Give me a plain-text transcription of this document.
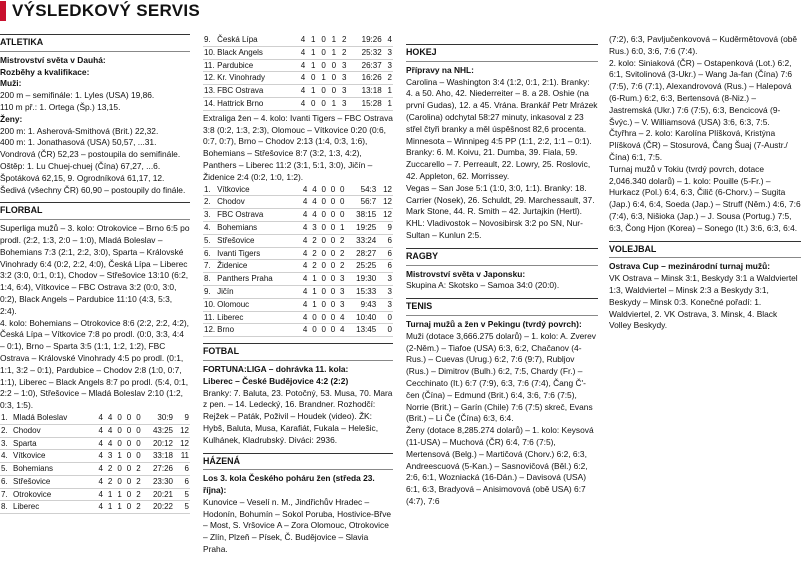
VÝSLEDKOVÝ SERVIS
ATLETIKA

Mistrovství světa v Dauhá:

Rozběhy a kvalifikace:

Muži:

200 m – semifinále: 1. Lyles (USA) 19,86.

110 m př.: 1. Ortega (Šp.) 13,15.

Ženy:

200 m: 1. Asherová-Smithová (Brit.) 22,32.

400 m: 1. Jonathasová (USA) 50,57, ...31.

Vondrová (ČR) 52,23 – postoupila do semifinále.

Oštěp: 1. Lu Chuej-chuej (Čína) 67,27, ...6.

Špotáková 62,15, 9. Ogrodníková 61,17, 12.

Šedivá (všechny ČR) 60,90 – postoupily do finále.

FLORBAL

Superliga mužů – 3. kolo: Otrokovice – Brno 6:5 po prodl. (2:2, 1:3, 2:0 – 1:0), Mladá Boleslav – Bohemians 7:3 (2:1, 2:2, 3:0), Sparta – Královské Vinohrady 6:4 (0:2, 2:2, 4:0), Česká Lípa – Liberec 3:2 (3:0, 0:1, 0:1), Chodov – Střešovice 13:10 (6:2, 1:4, 6:4), Vítkovice – FBC Ostrava 3:2 (0:0, 3:0, 0:2), Black Angels – Pardubice 11:10 (4:3, 5:3, 2:4).

4. kolo: Bohemians – Otrokovice 8:6 (2:2, 2:2, 4:2), Česká Lípa – Vítkovice 7:8 po prodl. (0:0, 3:3, 4:4 – 0:1), Brno – Sparta 3:5 (1:1, 1:2, 1:2), FBC Ostrava – Královské Vinohrady 4:5 po prodl. (0:1, 1:1, 3:2 – 0:1), Pardubice – Chodov 2:8 (1:0, 0:7, 1:1), Liberec – Black Angels 8:7 po prodl. (5:4, 0:1, 2:2 – 1:0), Střešovice – Mladá Boleslav 2:10 (1:2, 0:3, 1:5).

1.	Mladá Boleslav	4	4	0	0	0	30:9	9
2.	Chodov	4	4	0	0	0	43:25	12
3.	Sparta	4	4	0	0	0	20:12	12
4.	Vítkovice	4	3	1	0	0	33:18	11
5.	Bohemians	4	2	0	0	2	27:26	6
6.	Střešovice	4	2	0	0	2	23:30	6
7.	Otrokovice	4	1	1	0	2	20:21	5
8.	Liberec	4	1	1	0	2	20:22	5
9.	Česká Lípa	4	1	0	1	2	19:26	4
10.	Black Angels	4	1	0	1	2	25:32	3
11.	Pardubice	4	1	0	0	3	26:37	3
12.	Kr. Vinohrady	4	0	1	0	3	16:26	2
13.	FBC Ostrava	4	1	0	0	3	13:18	1
14.	Hattrick Brno	4	0	0	1	3	15:28	1

Extraliga žen – 4. kolo: Ivanti Tigers – FBC Ostrava 3:8 (0:2, 1:3, 2:3), Olomouc – Vítkovice 0:20 (0:6, 0:7, 0:7), Brno – Chodov 2:13 (1:4, 0:3, 1:6), Bohemians – Střešovice 8:7 (3:2, 1:3, 4:2), Panthers – Liberec 11:2 (3:1, 5:1, 3:0), Jičín – Židenice 2:4 (0:2, 1:0, 1:2).

1.	Vítkovice	4	4	0	0	0	54:3	12
2.	Chodov	4	4	0	0	0	56:7	12
3.	FBC Ostrava	4	4	0	0	0	38:15	12
4.	Bohemians	4	3	0	0	1	19:25	9
5.	Střešovice	4	2	0	0	2	33:24	6
6.	Ivanti Tigers	4	2	0	0	2	28:27	6
7.	Židenice	4	2	0	0	2	25:25	6
8.	Panthers Praha	4	1	0	0	3	19:30	3
9.	Jičín	4	1	0	0	3	15:33	3
10.	Olomouc	4	1	0	0	3	9:43	3
11.	Liberec	4	0	0	0	4	10:40	0
12.	Brno	4	0	0	0	4	13:45	0
FOTBAL

FORTUNA:LIGA – dohrávka 11. kola:

Liberec – České Budějovice 4:2 (2:2)

Branky: 7. Baluta, 23. Potočný, 53. Musa, 70. Mara z pen. – 14. Ledecký, 16. Brandner. Rozhodčí: Rejžek – Paták, Poživil – Houdek (video). ŽK: Hybš, Baluta, Musa, Karafiát, Fukala – Helešic, Kulhánek, Kladrubský. Diváci: 2936.

HÁZENÁ

Los 3. kola Českého poháru žen (středa 23. října):

Kunovice – Veselí n. M., Jindřichův Hradec – Hodonín, Bohumín – Sokol Poruba, Hostivice-Břve – Most, S. Vršovice A – Zora Olomouc, Otrokovice – Zlín, Plzeň – Písek, Č. Budějovice – Slavia Praha.

HOKEJ

Přípravy na NHL:

Carolina – Washington 3:4 (1:2, 0:1, 2:1). Branky: 4. a 50. Aho, 42. Niederreiter – 8. a 28. Oshie (na první Gudas), 12. a 45. Vrána. Brankář Petr Mrázek (Carolina) odchytal 58:27 minuty, inkasoval z 23 střel čtyři branky a měl úspěšnost 82,6 procenta.

Minnesota – Winnipeg 4:5 PP (1:1, 2:2, 1:1 – 0:1). Branky: 6. M. Koivu, 21. Dumba, 39. Fiala, 59. Zuccarello – 7. Perreault, 22. Lowry, 25. Roslovic, 42. Appleton, 62. Morrissey.

Vegas – San Jose 5:1 (1:0, 3:0, 1:1). Branky: 18. Carrier (Nosek), 26. Schuldt, 29. Marchessault, 37. Mark Stone, 44. R. Smith – 42. Jurtajkin (Hertl).

KHL: Vladivostok – Novosibirsk 3:2 po SN, Nur-Sultan – Kunlun 2:5.

RAGBY

Mistrovství světa v Japonsku:

Skupina A: Skotsko – Samoa 34:0 (20:0).

TENIS

Turnaj mužů a žen v Pekingu (tvrdý povrch):

Muži (dotace 3,666.275 dolarů) – 1. kolo: A. Zverev (2-Něm.) – Tiafoe (USA) 6:3, 6:2, Chačanov (4-Rus.) – Cuevas (Urug.) 6:2, 7:6 (9:7), Rubljov (Rus.) – Dimitrov (Bulh.) 6:2, 7:5, Chardy (Fr.) – Cecchinato (It.) 6:7 (7:9), 6:3, 7:6 (7:4), Čang Č'-čen (Čína) – Edmund (Brit.) 6:4, 3:6, 7:6 (7:5), Norrie (Brit.) – Garín (Chile) 7:6 (7:5) skreč, Evans (Brit.) – Li Če (Čína) 6:3, 6:4.

Ženy (dotace 8,285.274 dolarů) – 1. kolo: Keysová (11-USA) – Muchová (ČR) 6:4, 7:6 (7:5), Mertensová (Belg.) – Martičová (Chorv.) 6:2, 6:3, Andreescuová (5-Kan.) – Sasnovičová (Běl.) 6:2, 2:6, 6:1, Wozniacká (16-Dán.) – Davisová (USA) 6:1, 6:3, Bradyová – Anisimovová (obě USA) 6:7 (4:7), 7:6

(7:2), 6:3, Pavljučenkovová – Kuděrmětovová (obě Rus.) 6:0, 3:6, 7:6 (7:4).

2. kolo: Siniaková (ČR) – Ostapenková (Lot.) 6:2, 6:1, Svitolinová (3-Ukr.) – Wang Ja-fan (Čína) 7:6 (7:5), 7:6 (7:1), Alexandrovová (Rus.) – Halepová (6-Rum.) 6:2, 6:3, Bertensová (8-Niz.) – Jastremská (Ukr.) 7:6 (7:5), 6:3, Bencicová (9-Švýc.) – V. Williamsová (USA) 3:6, 6:3, 7:5.

Čtyřhra – 2. kolo: Karolína Plíšková, Kristýna Plíšková (ČR) – Stosurová, Čang Šuaj (7-Austr./Čína) 6:1, 7:5.

Turnaj mužů v Tokiu (tvrdý povrch, dotace 2,046.340 dolarů) – 1. kolo: Pouille (5-Fr.) – Hurkacz (Pol.) 6:4, 6:3, Čilič (6-Chorv.) – Sugita (Jap.) 6:4, 6:4, Soeda (Jap.) – Struff (Něm.) 4:6, 7:6 (7:4), 6:3, Nišioka (Jap.) – J. Sousa (Portug.) 7:5, 6:3, Čong Hjon (Korea) – Sonego (It.) 3:6, 6:3, 6:4.

VOLEJBAL

Ostrava Cup – mezinárodní turnaj mužů:

VK Ostrava – Minsk 3:1, Beskydy 3:1 a Waldviertel 1:3, Waldviertel – Minsk 2:3 a Beskydy 3:1, Beskydy – Minsk 0:3. Konečné pořadí: 1. Waldviertel, 2. VK Ostrava, 3. Minsk, 4. Black Volley Beskydy.
